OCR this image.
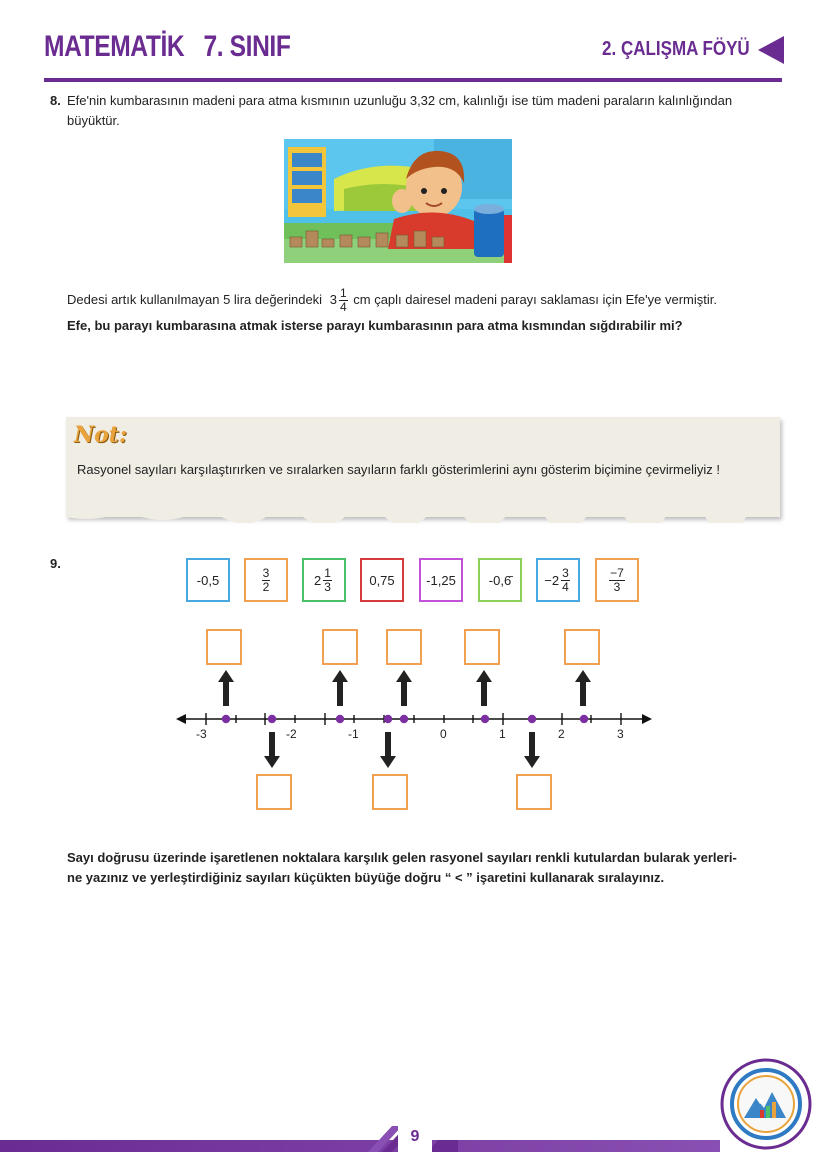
MATEMATİK 7. SINIF	2. ÇALIŞMA FÖYÜ
8. Efe'nin kumbarasının madeni para atma kısmının uzunluğu 3,32 cm, kalınlığı ise tüm madeni paraların kalınlığından
büyüktür.
Dedesi artık kullanılmayan 5 lira değerindeki $3 \frac{1}{4}$ cm çaplı dairesel madeni parayı saklaması için Efe'ye vermiştir.
Efe, bu parayı kumbarasına atmak isterse parayı kumbarasının para atma kısmından sığdırabilir mi?
Not:
Rasyonel sayıları karşılaştırırken ve sıralarken sayıların farklı gösterimlerini aynı gösterim biçimine çevirmeliyiz !
9.
-0,5	$\frac{3}{2}$	$2 \frac{1}{3}$	0,75 -1,25	-0,6̄	$-2 \frac{3}{4}$	$\frac{-7}{3}$
-3	-2	-1	0	1	2	3
Sayı doğrusu üzerinde işaretlenen noktalara karşılık gelen rasyonel sayıları renkli kutulardan bularak yerleri-
ne yazınız ve yerleştirdiğiniz sayıları küçükten büyüğe doğru “ < ” işaretini kullanarak sıralayınız.
9
